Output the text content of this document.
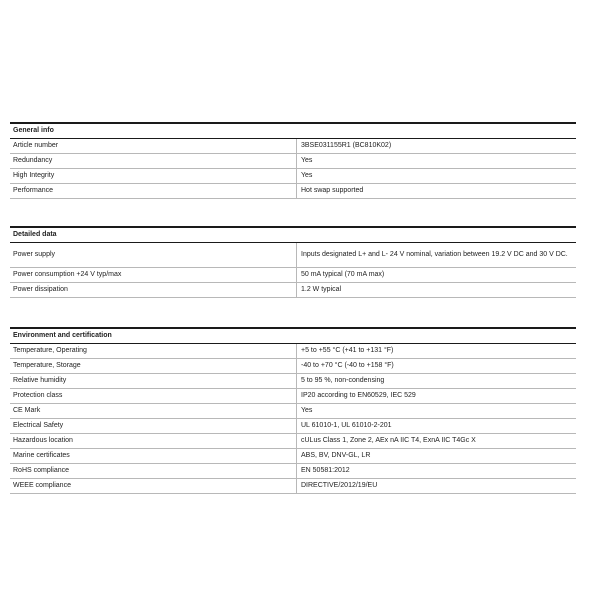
General info
Article number	3BSE031155R1 (BC810K02)
Redundancy	Yes
High Integrity	Yes
Performance	Hot swap supported
Detailed data
Power supply	Inputs designated L+ and L- 24 V nominal, variation between 19.2 V DC and 30 V DC.
Power consumption +24 V typ/max	50 mA typical (70 mA max)
Power dissipation	1.2 W typical
Environment and certification
Temperature, Operating	+5 to +55 °C (+41 to +131 °F)
Temperature, Storage	-40 to +70 °C (-40 to +158 °F)
Relative humidity	5 to 95 %, non-condensing
Protection class	IP20 according to EN60529, IEC 529
CE Mark	Yes
Electrical Safety	UL 61010-1, UL 61010-2-201
Hazardous location	cULus Class 1, Zone 2, AEx nA IIC T4, ExnA IIC T4Gc X
Marine certificates	ABS, BV, DNV-GL, LR
RoHS compliance	EN 50581:2012
WEEE compliance	DIRECTIVE/2012/19/EU
